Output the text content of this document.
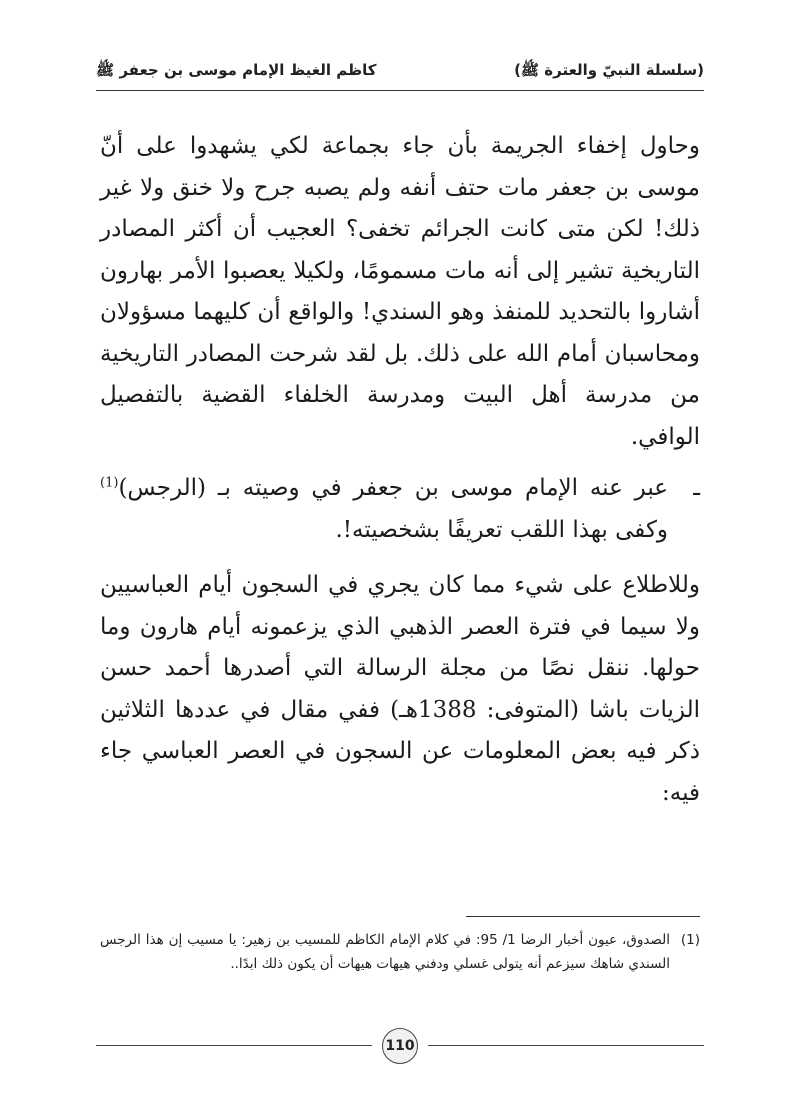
(سلسلة النبيّ والعترة ﷺ)
كاظم الغيظ الإمام موسى بن جعفر ﷺ

وحاول إخفاء الجريمة بأن جاء بجماعة لكي يشهدوا على أنّ موسى بن جعفر مات حتف أنفه ولم يصبه جرح ولا خنق ولا غير ذلك! لكن متى كانت الجرائم تخفى؟ العجيب أن أكثر المصادر التاريخية تشير إلى أنه مات مسمومًا، ولكيلا يعصبوا الأمر بهارون أشاروا بالتحديد للمنفذ وهو السندي! والواقع أن كليهما مسؤولان ومحاسبان أمام الله على ذلك. بل لقد شرحت المصادر التاريخية من مدرسة أهل البيت ومدرسة الخلفاء القضية بالتفصيل الوافي.

ـ
عبر عنه الإمام موسى بن جعفر في وصيته بـ (الرجس)$^{(1)}$ وكفى بهذا اللقب تعريفًا بشخصيته!.

وللاطلاع على شيء مما كان يجري في السجون أيام العباسيين ولا سيما في فترة العصر الذهبي الذي يزعمونه أيام هارون وما حولها. ننقل نصًا من مجلة الرسالة التي أصدرها أحمد حسن الزيات باشا (المتوفى: 1388هـ) ففي مقال في عددها الثلاثين ذكر فيه بعض المعلومات عن السجون في العصر العباسي جاء فيه:

(1)
الصدوق، عيون أخبار الرضا 1/ 95: في كلام الإمام الكاظم للمسيب بن زهير: يا مسيب إن هذا الرجس السندي شاهك سيزعم أنه يتولى غسلي ودفني هيهات هيهات أن يكون ذلك ابدًا..
110
